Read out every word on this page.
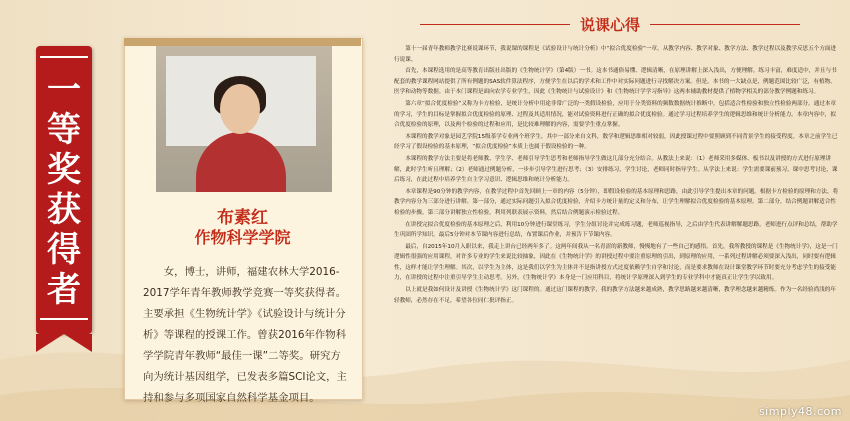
一
等
奖
获
得
者
布素红
作物科学学院

女，博士，讲师，福建农林大学2016-2017学年青年教师教学竞赛一等奖获得者。主要承担《生物统计学》《试验设计与统计分析》等课程的授课工作。曾获2016年作物科学学院青年教师“最佳一课”二等奖。研究方向为统计基因组学，已发表多篇SCI论文，主持和参与多项国家自然科学基金项目。

说课心得

第十一届青年教师教学比赛说课环节，我说课的课程是《试验设计与统计分析》中“拟合优度检验”一章。从教学内容、教学对象、教学方法、教学过程以及教学反思五个方面进行说课。

首先，本课程选用的是高等教育出版社出版的《生物统计学》（第4版）一书。这本书通俗易懂、逻辑清晰，在原理讲解上深入浅出，方便理解。练习丰富，难度适中，并且与书配套的教学课程网站提供了所有例题的SAS软件算法程序，方便学生在以后的学术和工作中对实际问题进行寻找解决方案。但是，本书的一大缺点是，例题范围比较广泛，有植物、医学和动物等数据。由于本门课程是面向农学专业学生，因此《生物统计与试验设计》和《生物统计学学习指导》这两本辅助教材提供了植物学相关的部分教学例题和练习。

第六章“拟合优度检验”又称为卡方检验，是统计分析中用途非常广泛的一类假设检验，应用于分类资料的频数数据统计推断中，包括适合性检验和独立性检验两部分。通过本章的学习，学生的目标是掌握拟合优度检验的原理、过程及其适用情况，能对试验资料进行正确的拟合优度检验。通过学习过程培养学生的逻辑思维和统计分析能力。本章内容中，拟合优度检验的原理，以及两个检验的过程和应用，是比较难理解的内容，需要学生重点掌握。

本课程的教学对象是园艺学院15级茶学专业两个班学生，其中一部分来自文科，数学和逻辑思维相对较弱，因此授课过程中要照顾到不同背景学生的接受程度。本章之前学生已经学习了假设检验的基本原理，“拟合优度检验”本质上也属于假设检验的一种。

本课程的教学方法主要是将老师教、学生学、老师引导学生思考和老师指导学生做这几部分充分结合。从教法上来说：（1）老师采用多媒体、板书以及讲授的方式进行原理讲解，此时学生听且理解；（2）老师通过例题分析，一步步引导学生进行思考；（3）安排练习，学生讨论，老师同时指导学生。从学法上来说：学生需要课前预习，课中思考讨论，课后练习，在此过程中培养学生自主学习意识、逻辑思维和统计分析能力。

本章课程是90分钟的教学内容，在教学过程中首先回顾上一章的内容（5分钟），即假设检验的基本原理和思路，由此引导学生提出本章的问题。根据卡方检验的原理和方法，将教学内容分为三部分进行讲解。第一部分，通过实际问题引入拟合优度检验，介绍卡方统计量的定义和分布，让学生理解拟合优度检验的基本原理。第二部分，结合例题讲解适合性检验的步骤。第三部分讲解独立性检验，利用列联表展示资料，然后结合例题演示检验过程。

在讲授完拟合优度检验的基本原理之后，利用10分钟进行课堂练习，学生分组讨论并完成练习题，老师巡视指导，之后由学生代表讲解解题思路，老师进行点评和总结，帮助学生巩固所学知识。最后5分钟对本节课内容进行总结，布置课后作业，并预告下节课内容。

最后，自2015年10月入职以来，我走上讲台已经两年多了。这两年间我从一名青涩的新教师，慢慢地有了一些自己的感悟。首先，我所教授的课程是《生物统计学》，这是一门逻辑性很强的应用课程，对许多专业的学生来说比较抽象，因此在《生物统计学》的讲授过程中要注重原理的引出，到原理的应用，一系列过程讲解必须要深入浅出，同时要有逻辑性，这样才能让学生理解。其次，以学生为主体，这是我们以学生为主体并不是指讲授方式过度依赖学生自学和讨论，而是要求教师在设计课堂教学环节时要充分考虑学生的接受能力，在讲授的过程中注重引导学生主动思考。另外，《生物统计学》本身是一门应用科目，将统计学原理深入到学生的专业学科中才能真正让学生学以致用。

以上就是我如何设计及讲授《生物统计学》这门课程的。通过这门课程的教学，我的教学方法越来越成熟，教学思路越来越清晰，教学理念越来越精炼。作为一名经验尚浅的年轻教师，必然存在不足，希望各位同仁批评指正。

simply48.com
